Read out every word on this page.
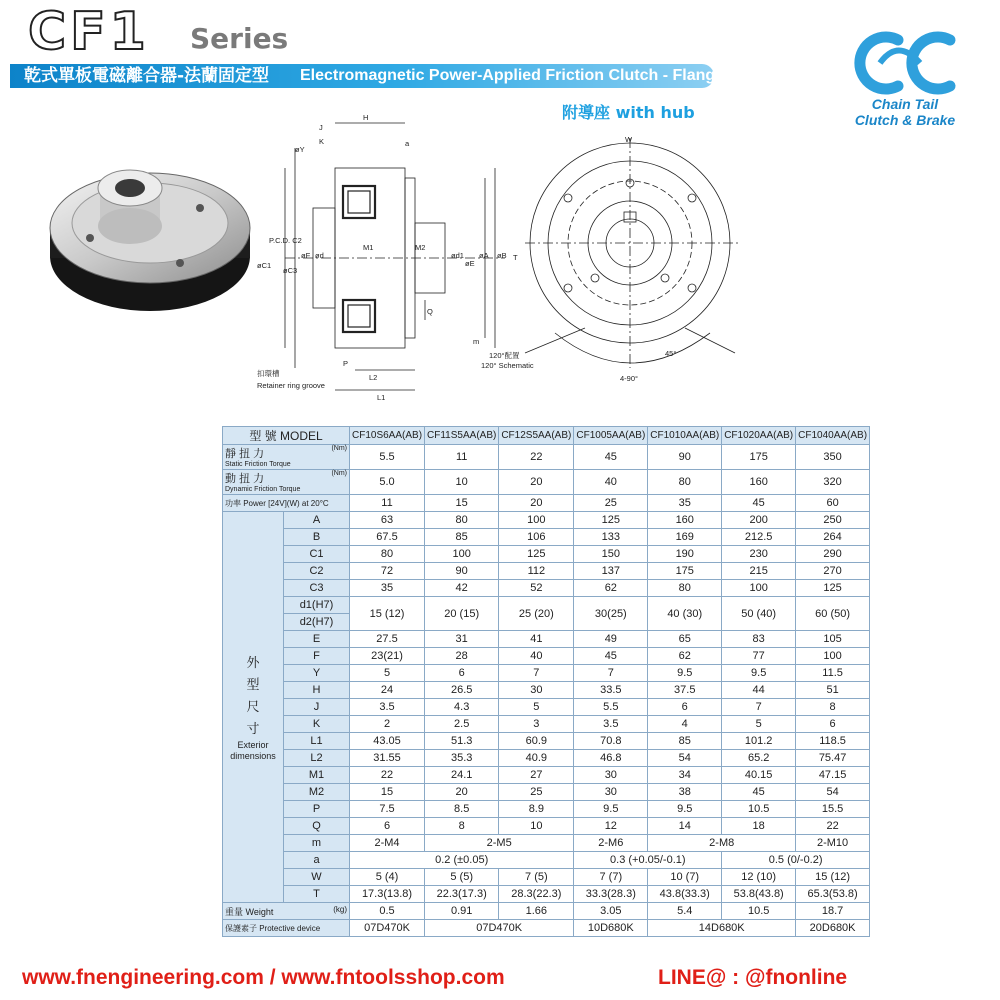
CF1 Series
乾式單板電磁離合器-法蘭固定型 Electromagnetic Power-Applied Friction Clutch - Flange Mounted
附導座 with hub	Chain Tail
Clutch & Brake
H
J
K
øY
a
øC1
P.C.D. C2
øC3
øF ød
M1	M2
ød1
øE
øA øB
Q
m
P
L2
L1
扣環槽
Retainer ring groove
120°配置
120° Schematic
W
T
45°
4-90°
型 號 MODEL		CF10S6AA(AB)	CF11S5AA(AB)	CF12S5AA(AB)	CF1005AA(AB)	CF1010AA(AB)	CF1020AA(AB)	CF1040AA(AB)

(Nm)
靜 扭 力
Static Friction Torque		5.5	11	22	45	90	175	350

(Nm)
動 扭 力
Dynamic Friction Torque		5.0	10	20	40	80	160	320
功率 Power [24V](W) at 20°C		11	15	20	25	35	45	60

外
型
尺
寸
Exterior dimensions	A	63	80	100	125	160	200	250
	B	67.5	85	106	133	169	212.5	264
	C1	80	100	125	150	190	230	290
	C2	72	90	112	137	175	215	270
	C3	35	42	52	62	80	100	125
	d1(H7)	15 (12)	20 (15)	25 (20)	30(25)	40 (30)	50 (40)	60 (50)
	d2(H7)							
	E	27.5	31	41	49	65	83	105
	F	23(21)	28	40	45	62	77	100
	Y	5	6	7	7	9.5	9.5	11.5
	H	24	26.5	30	33.5	37.5	44	51
	J	3.5	4.3	5	5.5	6	7	8
	K	2	2.5	3	3.5	4	5	6
	L1	43.05	51.3	60.9	70.8	85	101.2	118.5
	L2	31.55	35.3	40.9	46.8	54	65.2	75.47
	M1	22	24.1	27	30	34	40.15	47.15
	M2	15	20	25	30	38	45	54
	P	7.5	8.5	8.9	9.5	9.5	10.5	15.5
	Q	6	8	10	12	14	18	22
	m	2-M4	2-M5		2-M6	2-M8		2-M10
	a	0.2 (±0.05)			0.3 (+0.05/-0.1)		0.5 (0/-0.2)	
	W	5 (4)	5 (5)	7 (5)	7 (7)	10 (7)	12 (10)	15 (12)
	T	17.3(13.8)	22.3(17.3)	28.3(22.3)	33.3(28.3)	43.8(33.3)	53.8(43.8)	65.3(53.8)
重量 Weight (kg)		0.5	0.91	1.66	3.05	5.4	10.5	18.7
保護素子 Protective device		07D470K	07D470K		10D680K	14D680K		20D680K
www.fnengineering.com / www.fntoolsshop.com	LINE@ : @fnonline
